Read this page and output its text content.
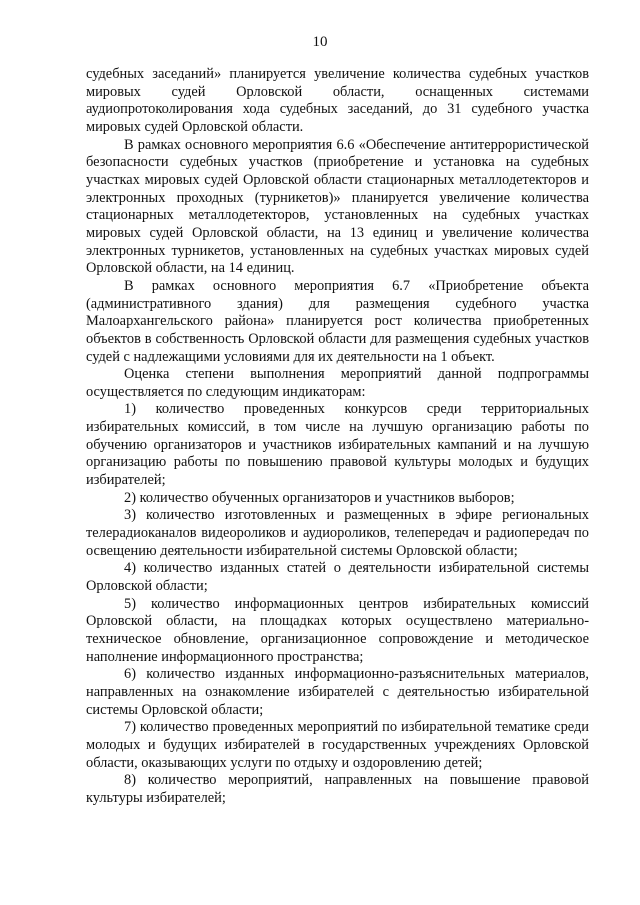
10

судебных заседаний» планируется увеличение количества судебных участков мировых судей Орловской области, оснащенных системами аудиопротоколирования хода судебных заседаний, до 31 судебного участка мировых судей Орловской области.

В рамках основного мероприятия 6.6 «Обеспечение антитеррористической безопасности судебных участков (приобретение и установка на судебных участках мировых судей Орловской области стационарных металлодетекторов и электронных проходных (турникетов)» планируется увеличение количества стационарных металлодетекторов, установленных на судебных участках мировых судей Орловской области, на 13 единиц и увеличение количества электронных турникетов, установленных на судебных участках мировых судей Орловской области, на 14 единиц.

В рамках основного мероприятия 6.7 «Приобретение объекта (административного здания) для размещения судебного участка Малоархангельского района» планируется рост количества приобретенных объектов в собственность Орловской области для размещения судебных участков судей с надлежащими условиями для их деятельности на 1 объект.

Оценка степени выполнения мероприятий данной подпрограммы осуществляется по следующим индикаторам:

1) количество проведенных конкурсов среди территориальных избирательных комиссий, в том числе на лучшую организацию работы по обучению организаторов и участников избирательных кампаний и на лучшую организацию работы по повышению правовой культуры молодых и будущих избирателей;

2) количество обученных организаторов и участников выборов;

3) количество изготовленных и размещенных в эфире региональных телерадиоканалов видеороликов и аудиороликов, телепередач и радиопередач по освещению деятельности избирательной системы Орловской области;

4) количество изданных статей о деятельности избирательной системы Орловской области;

5) количество информационных центров избирательных комиссий Орловской области, на площадках которых осуществлено материально-техническое обновление, организационное сопровождение и методическое наполнение информационного пространства;

6) количество изданных информационно-разъяснительных материалов, направленных на ознакомление избирателей с деятельностью избирательной системы Орловской области;

7) количество проведенных мероприятий по избирательной тематике среди молодых и будущих избирателей в государственных учреждениях Орловской области, оказывающих услуги по отдыху и оздоровлению детей;

8) количество мероприятий, направленных на повышение правовой культуры избирателей;
